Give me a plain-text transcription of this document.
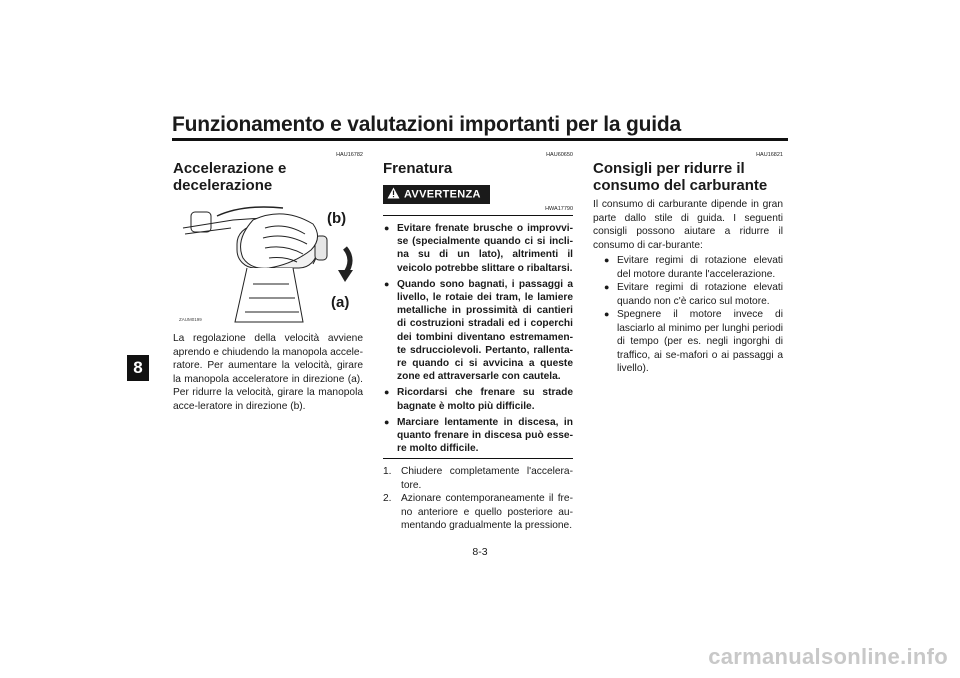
Funzionamento e valutazioni importanti per la guida
8
HAU16782
Accelerazione e decelerazione
(b)
(a)
ZAUM0199

La regolazione della velocità avviene aprendo e chiudendo la manopola accele-ratore. Per aumentare la velocità, girare la manopola acceleratore in direzione (a). Per ridurre la velocità, girare la manopola acce-leratore in direzione (b).

HAU60650
Frenatura
AVVERTENZA
HWA17790
● Evitare frenate brusche o improvvi-se (specialmente quando ci si incli-na su di un lato), altrimenti il veicolo potrebbe slittare o ribaltarsi.
● Quando sono bagnati, i passaggi a livello, le rotaie dei tram, le lamiere metalliche in prossimità di cantieri di costruzioni stradali ed i coperchi dei tombini diventano estremamen-te sdrucciolevoli. Pertanto, rallenta-re quando ci si avvicina a queste zone ed attraversarle con cautela.
● Ricordarsi che frenare su strade bagnate è molto più difficile.
● Marciare lentamente in discesa, in quanto frenare in discesa può esse-re molto difficile.
1. Chiudere completamente l'accelera-tore.
2. Azionare contemporaneamente il fre-no anteriore e quello posteriore au-mentando gradualmente la pressione.
HAU16821
Consigli per ridurre il consumo del carburante

Il consumo di carburante dipende in gran parte dallo stile di guida. I seguenti consigli possono aiutare a ridurre il consumo di car-burante:

● Evitare regimi di rotazione elevati del motore durante l'accelerazione.
● Evitare regimi di rotazione elevati quando non c'è carico sul motore.
● Spegnere il motore invece di lasciarlo al minimo per lunghi periodi di tempo (per es. negli ingorghi di traffico, ai se-mafori o ai passaggi a livello).
8-3
carmanualsonline.info
